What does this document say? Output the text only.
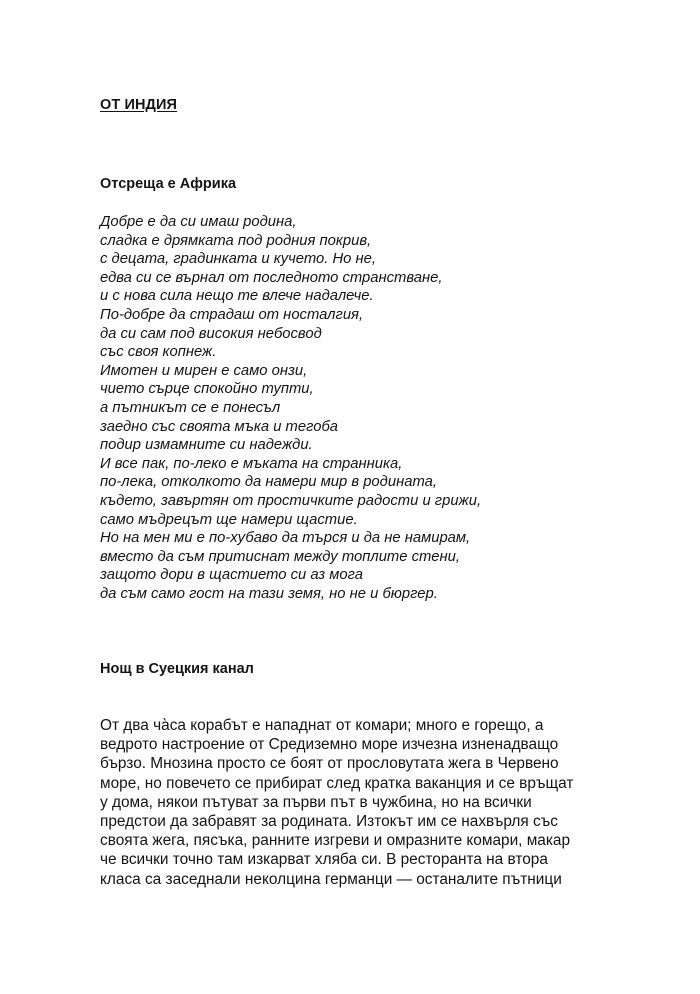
ОТ ИНДИЯ
Отсреща е Африка
Добре е да си имаш родина,
сладка е дрямката под родния покрив,
с децата, градинката и кучето. Но не,
едва си се върнал от последното странстване,
и с нова сила нещо те влече надалече.
По-добре да страдаш от носталгия,
да си сам под високия небосвод
със своя копнеж.
Имотен и мирен е само онзи,
чието сърце спокойно тупти,
а пътникът се е понесъл
заедно със своята мъка и тегоба
подир измамните си надежди.
И все пак, по-леко е мъката на странника,
по-лека, отколкото да намери мир в родината,
където, завъртян от простичките радости и грижи,
само мъдрецът ще намери щастие.
Но на мен ми е по-хубаво да търся и да не намирам,
вместо да съм притиснат между топлите стени,
защото дори в щастието си аз мога
да съм само гост на тази земя, но не и бюргер.
Нощ в Суецкия канал
От два ча̀са корабът е нападнат от комари; много е горещо, а
ведрото настроение от Средиземно море изчезна изненадващо
бързо. Мнозина просто се боят от прословутата жега в Червено
море, но повечето се прибират след кратка ваканция и се връщат
у дома, някои пътуват за първи път в чужбина, но на всички
предстои да забравят за родината. Изтокът им се нахвърля със
своята жега, пясъка, ранните изгреви и омразните комари, макар
че всички точно там изкарват хляба си. В ресторанта на втора
класа са заседнали неколцина германци — останалите пътници
